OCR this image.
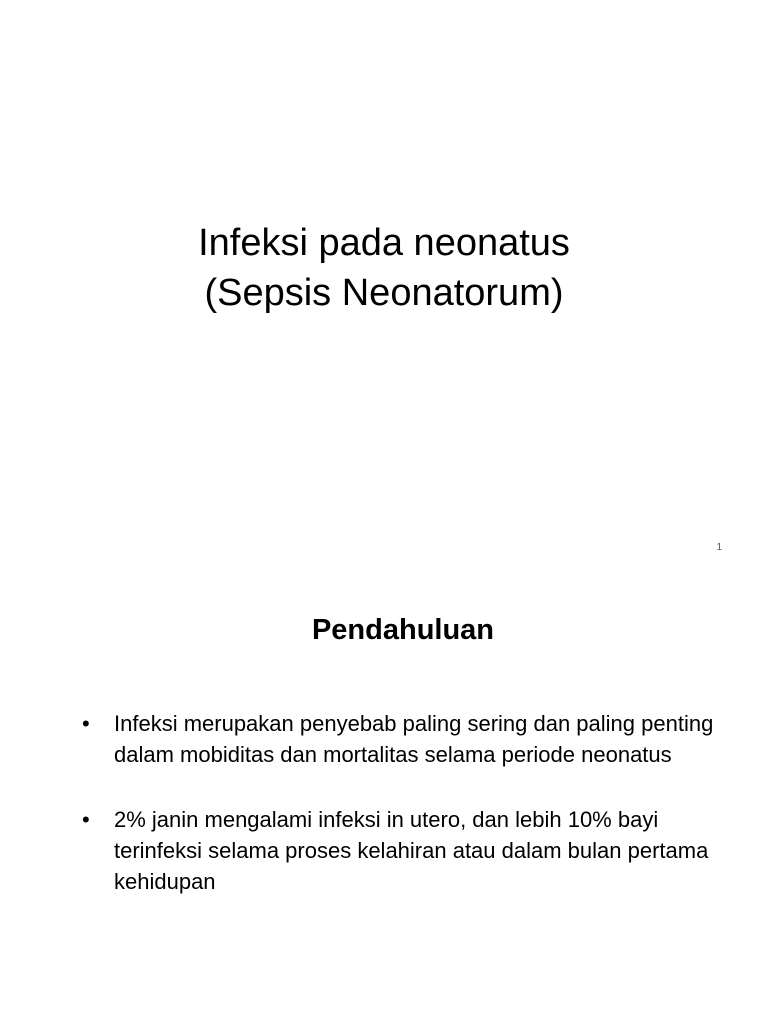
Infeksi pada neonatus
(Sepsis Neonatorum)
1
Pendahuluan
• Infeksi merupakan penyebab paling sering dan paling penting dalam mobiditas dan mortalitas selama periode neonatus
• 2% janin mengalami infeksi in utero, dan lebih 10% bayi terinfeksi selama proses kelahiran atau dalam bulan pertama kehidupan
